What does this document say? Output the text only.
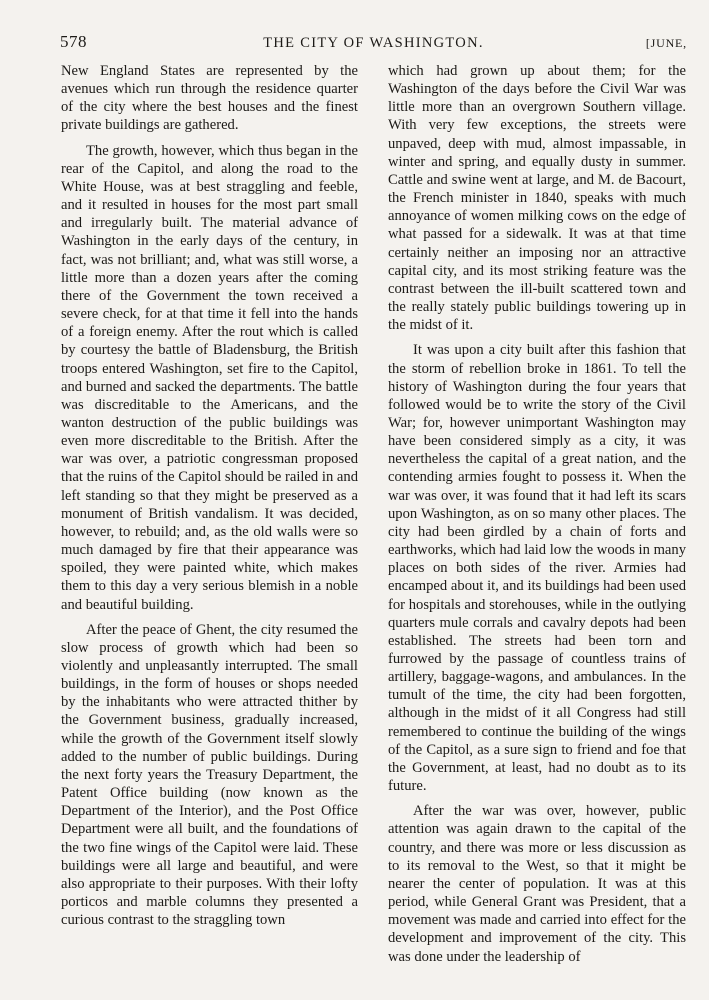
578	THE CITY OF WASHINGTON.	[JUNE,

New England States are represented by the avenues which run through the residence quarter of the city where the best houses and the finest private buildings are gathered.

The growth, however, which thus began in the rear of the Capitol, and along the road to the White House, was at best straggling and feeble, and it resulted in houses for the most part small and irregularly built. The material advance of Washington in the early days of the century, in fact, was not brilliant; and, what was still worse, a little more than a dozen years after the coming there of the Government the town received a severe check, for at that time it fell into the hands of a foreign enemy. After the rout which is called by courtesy the battle of Bladensburg, the British troops entered Washington, set fire to the Capitol, and burned and sacked the departments. The battle was discreditable to the Americans, and the wanton destruction of the public buildings was even more discreditable to the British. After the war was over, a patriotic congressman proposed that the ruins of the Capitol should be railed in and left standing so that they might be preserved as a monument of British vandalism. It was decided, however, to rebuild; and, as the old walls were so much damaged by fire that their appearance was spoiled, they were painted white, which makes them to this day a very serious blemish in a noble and beautiful building.

After the peace of Ghent, the city resumed the slow process of growth which had been so violently and unpleasantly interrupted. The small buildings, in the form of houses or shops needed by the inhabitants who were attracted thither by the Government business, gradually increased, while the growth of the Government itself slowly added to the number of public buildings. During the next forty years the Treasury Department, the Patent Office building (now known as the Department of the Interior), and the Post Office Department were all built, and the foundations of the two fine wings of the Capitol were laid. These buildings were all large and beautiful, and were also appropriate to their purposes. With their lofty porticos and marble columns they presented a curious contrast to the straggling town

which had grown up about them; for the Washington of the days before the Civil War was little more than an overgrown Southern village. With very few exceptions, the streets were unpaved, deep with mud, almost impassable, in winter and spring, and equally dusty in summer. Cattle and swine went at large, and M. de Bacourt, the French minister in 1840, speaks with much annoyance of women milking cows on the edge of what passed for a sidewalk. It was at that time certainly neither an imposing nor an attractive capital city, and its most striking feature was the contrast between the ill-built scattered town and the really stately public buildings towering up in the midst of it.

It was upon a city built after this fashion that the storm of rebellion broke in 1861. To tell the history of Washington during the four years that followed would be to write the story of the Civil War; for, however unimportant Washington may have been considered simply as a city, it was nevertheless the capital of a great nation, and the contending armies fought to possess it. When the war was over, it was found that it had left its scars upon Washington, as on so many other places. The city had been girdled by a chain of forts and earthworks, which had laid low the woods in many places on both sides of the river. Armies had encamped about it, and its buildings had been used for hospitals and storehouses, while in the outlying quarters mule corrals and cavalry depots had been established. The streets had been torn and furrowed by the passage of countless trains of artillery, baggage-wagons, and ambulances. In the tumult of the time, the city had been forgotten, although in the midst of it all Congress had still remembered to continue the building of the wings of the Capitol, as a sure sign to friend and foe that the Government, at least, had no doubt as to its future.

After the war was over, however, public attention was again drawn to the capital of the country, and there was more or less discussion as to its removal to the West, so that it might be nearer the center of population. It was at this period, while General Grant was President, that a movement was made and carried into effect for the development and improvement of the city. This was done under the leadership of
